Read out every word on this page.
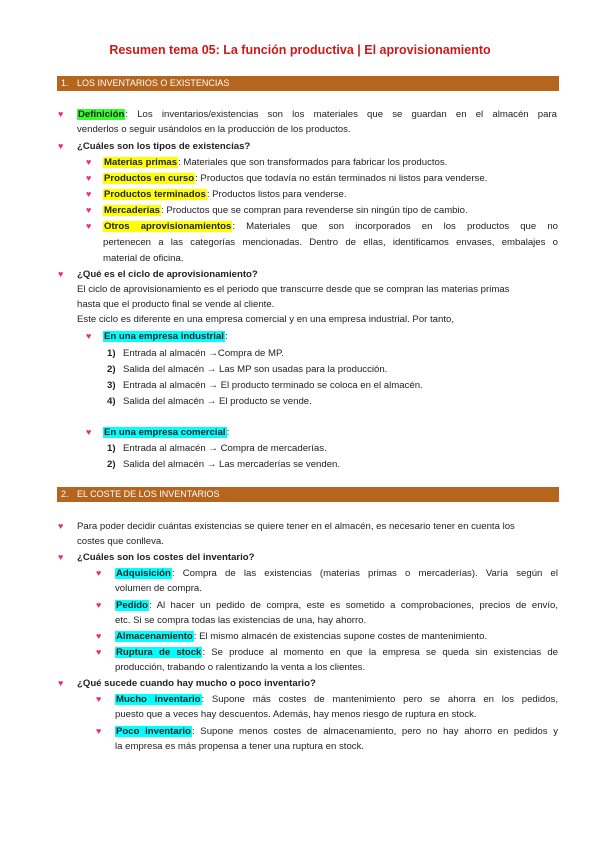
Resumen tema 05: La función productiva | El aprovisionamiento
1. LOS INVENTARIOS O EXISTENCIAS
♥ Definición: Los inventarios/existencias son los materiales que se guardan en el almacén para
venderlos o seguir usándolos en la producción de los productos.
♥ ¿Cuáles son los tipos de existencias?
♥ Materias primas: Materiales que son transformados para fabricar los productos.
♥ Productos en curso: Productos que todavía no están terminados ni listos para venderse.
♥ Productos terminados: Productos listos para venderse.
♥ Mercaderías: Productos que se compran para revenderse sin ningún tipo de cambio.
♥ Otros aprovisionamientos: Materiales que son incorporados en los productos que no
pertenecen a las categorías mencionadas. Dentro de ellas, identificamos envases, embalajes o
material de oficina.
♥ ¿Qué es el ciclo de aprovisionamiento?
El ciclo de aprovisionamiento es el periodo que transcurre desde que se compran las materias primas
hasta que el producto final se vende al cliente.
Este ciclo es diferente en una empresa comercial y en una empresa industrial. Por tanto,
♥ En una empresa industrial:
1) Entrada al almacén →Compra de MP.
2) Salida del almacén → Las MP son usadas para la producción.
3) Entrada al almacén → El producto terminado se coloca en el almacén.
4) Salida del almacén → El producto se vende.
♥ En una empresa comercial:
1) Entrada al almacén → Compra de mercaderías.
2) Salida del almacén → Las mercaderías se venden.
2. EL COSTE DE LOS INVENTARIOS
♥ Para poder decidir cuántas existencias se quiere tener en el almacén, es necesario tener en cuenta los
costes que conlleva.
♥ ¿Cuáles son los costes del inventario?
♥ Adquisición: Compra de las existencias (materias primas o mercaderías). Varía según el
volumen de compra.
♥ Pedido: Al hacer un pedido de compra, este es sometido a comprobaciones, precios de envío,
etc. Si se compra todas las existencias de una, hay ahorro.
♥ Almacenamiento: El mismo almacén de existencias supone costes de mantenimiento.
♥ Ruptura de stock: Se produce al momento en que la empresa se queda sin existencias de
producción, trabando o ralentizando la venta a los clientes.
♥ ¿Qué sucede cuando hay mucho o poco inventario?
♥ Mucho inventario: Supone más costes de mantenimiento pero se ahorra en los pedidos,
puesto que a veces hay descuentos. Además, hay menos riesgo de ruptura en stock.
♥ Poco inventario: Supone menos costes de almacenamiento, pero no hay ahorro en pedidos y
la empresa es más propensa a tener una ruptura en stock.
